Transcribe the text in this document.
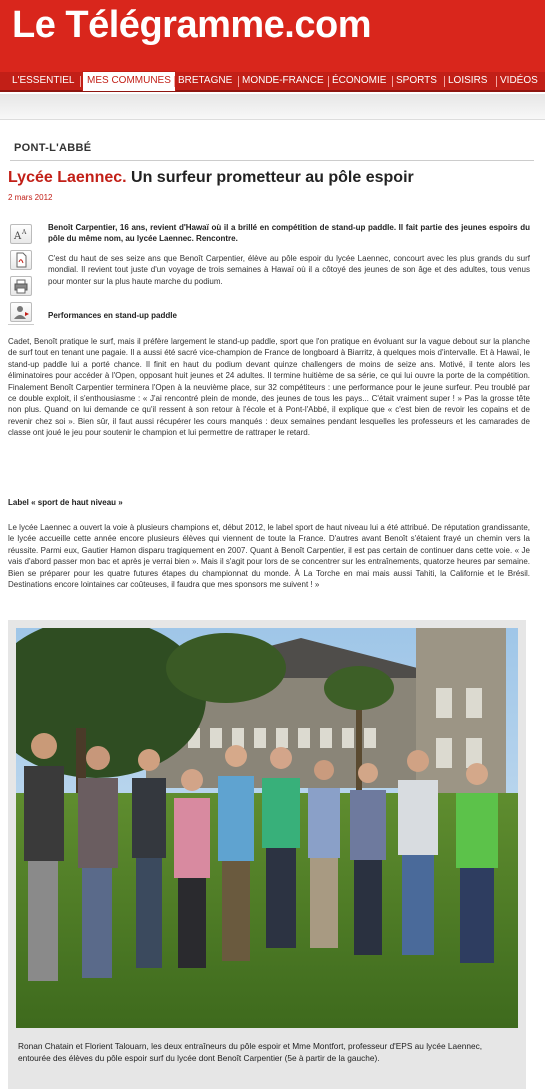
Le Télégramme.com
L'ESSENTIEL	MES COMMUNES BRETAGNE MONDE-FRANCE ÉCONOMIE SPORTS LOISIRS VIDÉOS
PONT-L'ABBÉ
Lycée Laennec. Un surfeur prometteur au pôle espoir
2 mars 2012
A A

Benoît Carpentier, 16 ans, revient d'Hawaï où il a brillé en compétition de stand-up paddle. Il fait partie des jeunes espoirs du pôle du même nom, au lycée Laennec. Rencontre.

C'est du haut de ses seize ans que Benoît Carpentier, élève au pôle espoir du lycée Laennec, concourt avec les plus grands du surf mondial. Il revient tout juste d'un voyage de trois semaines à Hawaï où il a côtoyé des jeunes de son âge et des adultes, tous venus pour monter sur la plus haute marche du podium.

Performances en stand-up paddle

Cadet, Benoît pratique le surf, mais il préfère largement le stand-up paddle, sport que l'on pratique en évoluant sur la vague debout sur la planche de surf tout en tenant une pagaie. Il a aussi été sacré vice-champion de France de longboard à Biarritz, à quelques mois d'intervalle. Et à Hawaï, le stand-up paddle lui a porté chance. Il finit en haut du podium devant quinze challengers de moins de seize ans. Motivé, il tente alors les éliminatoires pour accéder à l'Open, opposant huit jeunes et 24 adultes. Il termine huitième de sa série, ce qui lui ouvre la porte de la compétition. Finalement Benoît Carpentier terminera l'Open à la neuvième place, sur 32 compétiteurs : une performance pour le jeune surfeur. Peu troublé par ce double exploit, il s'enthousiasme : « J'ai rencontré plein de monde, des jeunes de tous les pays... C'était vraiment super ! » Pas la grosse tête non plus. Quand on lui demande ce qu'il ressent à son retour à l'école et à Pont-l'Abbé, il explique que « c'est bien de revoir les copains et de revenir chez soi ». Bien sûr, il faut aussi récupérer les cours manqués : deux semaines pendant lesquelles les professeurs et les camarades de classe ont joué le jeu pour soutenir le champion et lui permettre de rattraper le retard.

Label « sport de haut niveau »

Le lycée Laennec a ouvert la voie à plusieurs champions et, début 2012, le label sport de haut niveau lui a été attribué. De réputation grandissante, le lycée accueille cette année encore plusieurs élèves qui viennent de toute la France. D'autres avant Benoît s'étaient frayé un chemin vers la réussite. Parmi eux, Gautier Hamon disparu tragiquement en 2007. Quant à Benoît Carpentier, il est pas certain de continuer dans cette voie. « Je vais d'abord passer mon bac et après je verrai bien ». Mais il s'agit pour lors de se concentrer sur les entraînements, quatorze heures par semaine. Bien se préparer pour les quatre futures étapes du championnat du monde. À La Torche en mai mais aussi Tahiti, la Californie et le Brésil. Destinations encore lointaines car coûteuses, il faudra que mes sponsors me suivent ! »

Ronan Chatain et Florient Talouarn, les deux entraîneurs du pôle espoir et Mme Montfort, professeur d'EPS au lycée Laennec, entourée des élèves du pôle espoir surf du lycée dont Benoît Carpentier (5e à partir de la gauche).
